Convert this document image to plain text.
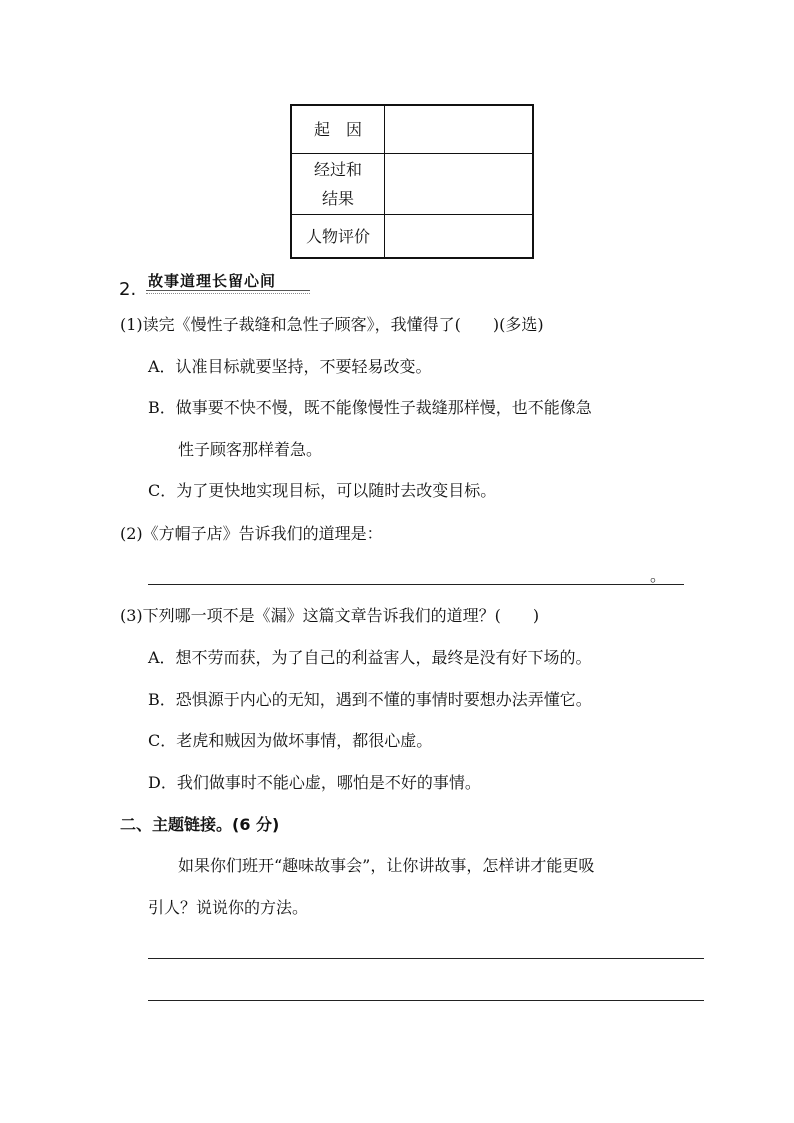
起　因	

经过和
结果	

人物评价	
2. 故事道理长留心间
(1)读完《慢性子裁缝和急性子顾客》，我懂得了(　　)(多选)
A．认准目标就要坚持，不要轻易改变。
B．做事要不快不慢，既不能像慢性子裁缝那样慢，也不能像急
性子顾客那样着急。
C．为了更快地实现目标，可以随时去改变目标。
(2)《方帽子店》告诉我们的道理是：
。
(3)下列哪一项不是《漏》这篇文章告诉我们的道理？(　　)
A．想不劳而获，为了自己的利益害人，最终是没有好下场的。
B．恐惧源于内心的无知，遇到不懂的事情时要想办法弄懂它。
C．老虎和贼因为做坏事情，都很心虚。
D．我们做事时不能心虚，哪怕是不好的事情。
二、主题链接。(6 分)
如果你们班开“趣味故事会”，让你讲故事，怎样讲才能更吸
引人？说说你的方法。
